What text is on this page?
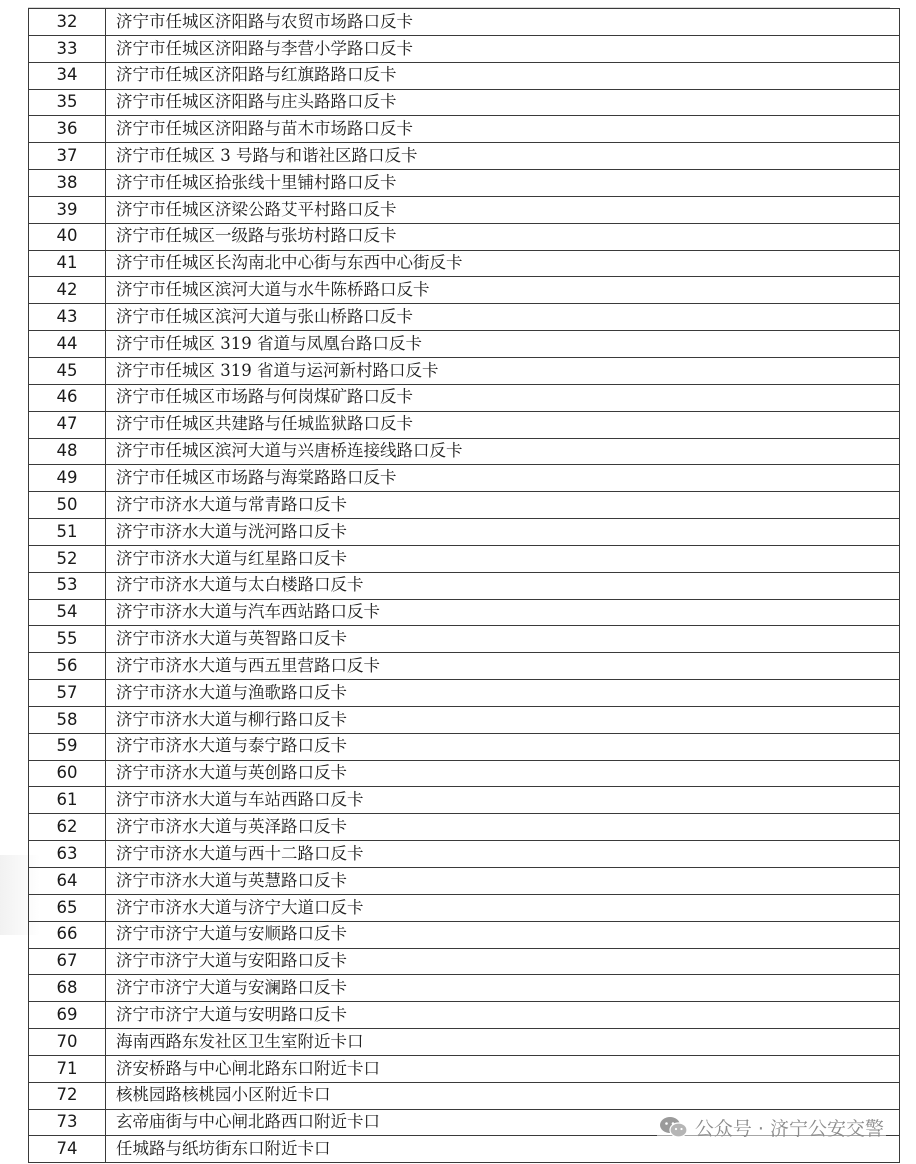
32	济宁市任城区济阳路与农贸市场路口反卡
33	济宁市任城区济阳路与李营小学路口反卡
34	济宁市任城区济阳路与红旗路路口反卡
35	济宁市任城区济阳路与庄头路路口反卡
36	济宁市任城区济阳路与苗木市场路口反卡
37	济宁市任城区 3 号路与和谐社区路口反卡
38	济宁市任城区拾张线十里铺村路口反卡
39	济宁市任城区济梁公路艾平村路口反卡
40	济宁市任城区一级路与张坊村路口反卡
41	济宁市任城区长沟南北中心街与东西中心街反卡
42	济宁市任城区滨河大道与水牛陈桥路口反卡
43	济宁市任城区滨河大道与张山桥路口反卡
44	济宁市任城区 319 省道与凤凰台路口反卡
45	济宁市任城区 319 省道与运河新村路口反卡
46	济宁市任城区市场路与何岗煤矿路口反卡
47	济宁市任城区共建路与任城监狱路口反卡
48	济宁市任城区滨河大道与兴唐桥连接线路口反卡
49	济宁市任城区市场路与海棠路路口反卡
50	济宁市济水大道与常青路口反卡
51	济宁市济水大道与洸河路口反卡
52	济宁市济水大道与红星路口反卡
53	济宁市济水大道与太白楼路口反卡
54	济宁市济水大道与汽车西站路口反卡
55	济宁市济水大道与英智路口反卡
56	济宁市济水大道与西五里营路口反卡
57	济宁市济水大道与渔歌路口反卡
58	济宁市济水大道与柳行路口反卡
59	济宁市济水大道与泰宁路口反卡
60	济宁市济水大道与英创路口反卡
61	济宁市济水大道与车站西路口反卡
62	济宁市济水大道与英泽路口反卡
63	济宁市济水大道与西十二路口反卡
64	济宁市济水大道与英慧路口反卡
65	济宁市济水大道与济宁大道口反卡
66	济宁市济宁大道与安顺路口反卡
67	济宁市济宁大道与安阳路口反卡
68	济宁市济宁大道与安澜路口反卡
69	济宁市济宁大道与安明路口反卡
70	海南西路东发社区卫生室附近卡口
71	济安桥路与中心闸北路东口附近卡口
72	核桃园路核桃园小区附近卡口
73	玄帝庙街与中心闸北路西口附近卡口
74	任城路与纸坊街东口附近卡口
公众号 · 济宁公安交警
